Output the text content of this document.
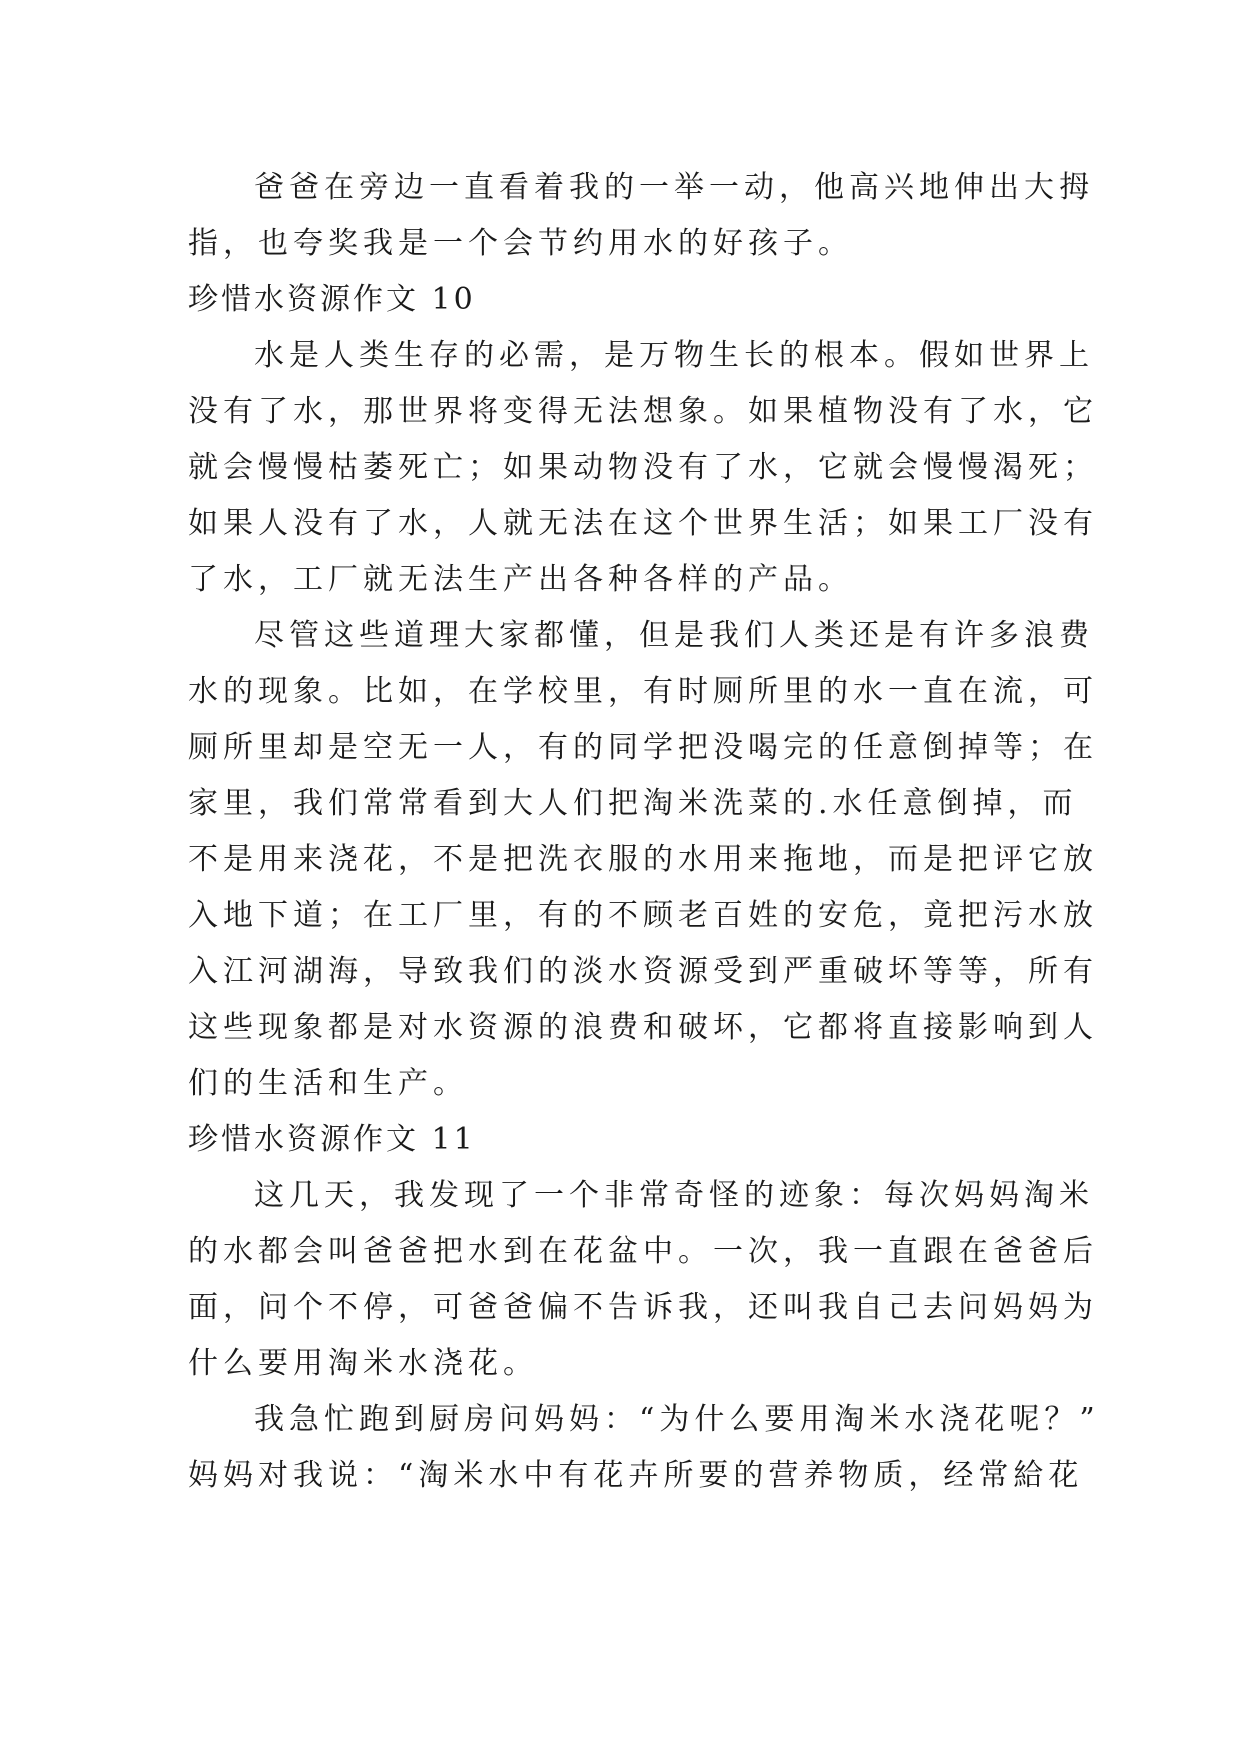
爸爸在旁边一直看着我的一举一动，他高兴地伸出大拇
指，也夸奖我是一个会节约用水的好孩子。
珍惜水资源作文 10
水是人类生存的必需，是万物生长的根本。假如世界上
没有了水，那世界将变得无法想象。如果植物没有了水，它
就会慢慢枯萎死亡；如果动物没有了水，它就会慢慢渴死；
如果人没有了水，人就无法在这个世界生活；如果工厂没有
了水，工厂就无法生产出各种各样的产品。
尽管这些道理大家都懂，但是我们人类还是有许多浪费
水的现象。比如，在学校里，有时厕所里的水一直在流，可
厕所里却是空无一人，有的同学把没喝完的任意倒掉等；在
家里，我们常常看到大人们把淘米洗菜的.水任意倒掉，而
不是用来浇花，不是把洗衣服的水用来拖地，而是把评它放
入地下道；在工厂里，有的不顾老百姓的安危，竟把污水放
入江河湖海，导致我们的淡水资源受到严重破坏等等，所有
这些现象都是对水资源的浪费和破坏，它都将直接影响到人
们的生活和生产。
珍惜水资源作文 11
这几天，我发现了一个非常奇怪的迹象：每次妈妈淘米
的水都会叫爸爸把水到在花盆中。一次，我一直跟在爸爸后
面，问个不停，可爸爸偏不告诉我，还叫我自己去问妈妈为
什么要用淘米水浇花。
我急忙跑到厨房问妈妈：“为什么要用淘米水浇花呢？”
妈妈对我说：“淘米水中有花卉所要的营养物质，经常給花
